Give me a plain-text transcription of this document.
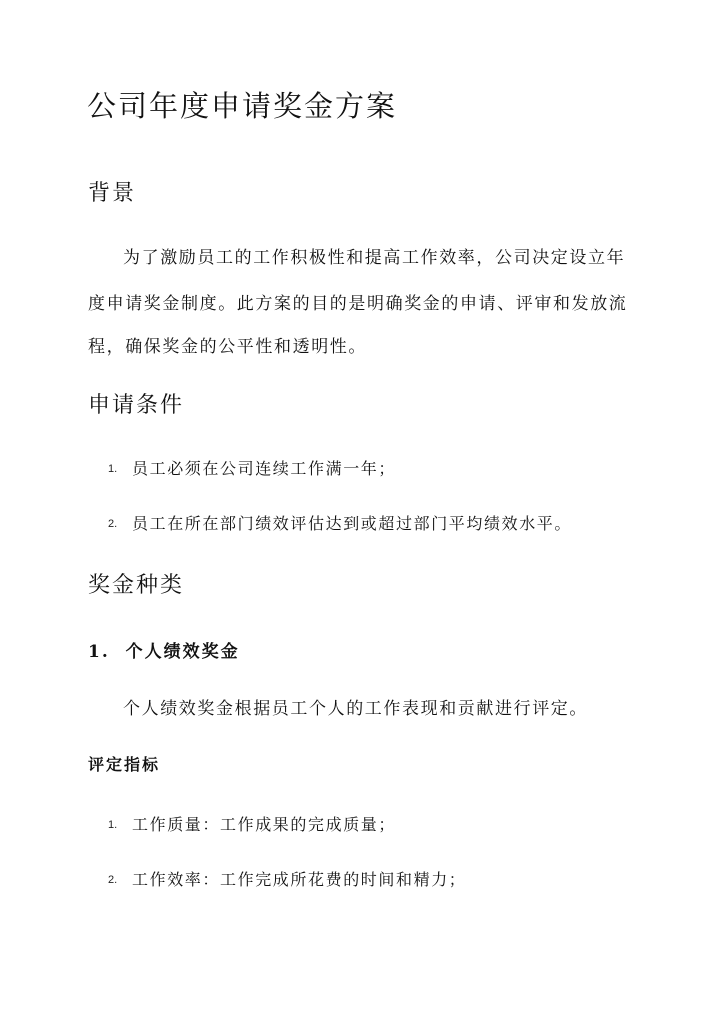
公司年度申请奖金方案
背景
为了激励员工的工作积极性和提高工作效率，公司决定设立年
度申请奖金制度。此方案的目的是明确奖金的申请、评审和发放流
程，确保奖金的公平性和透明性。
申请条件
1. 员工必须在公司连续工作满一年；
2. 员工在所在部门绩效评估达到或超过部门平均绩效水平。
奖金种类
1.  个人绩效奖金
个人绩效奖金根据员工个人的工作表现和贡献进行评定。
评定指标
1. 工作质量：工作成果的完成质量；
2. 工作效率：工作完成所花费的时间和精力；
